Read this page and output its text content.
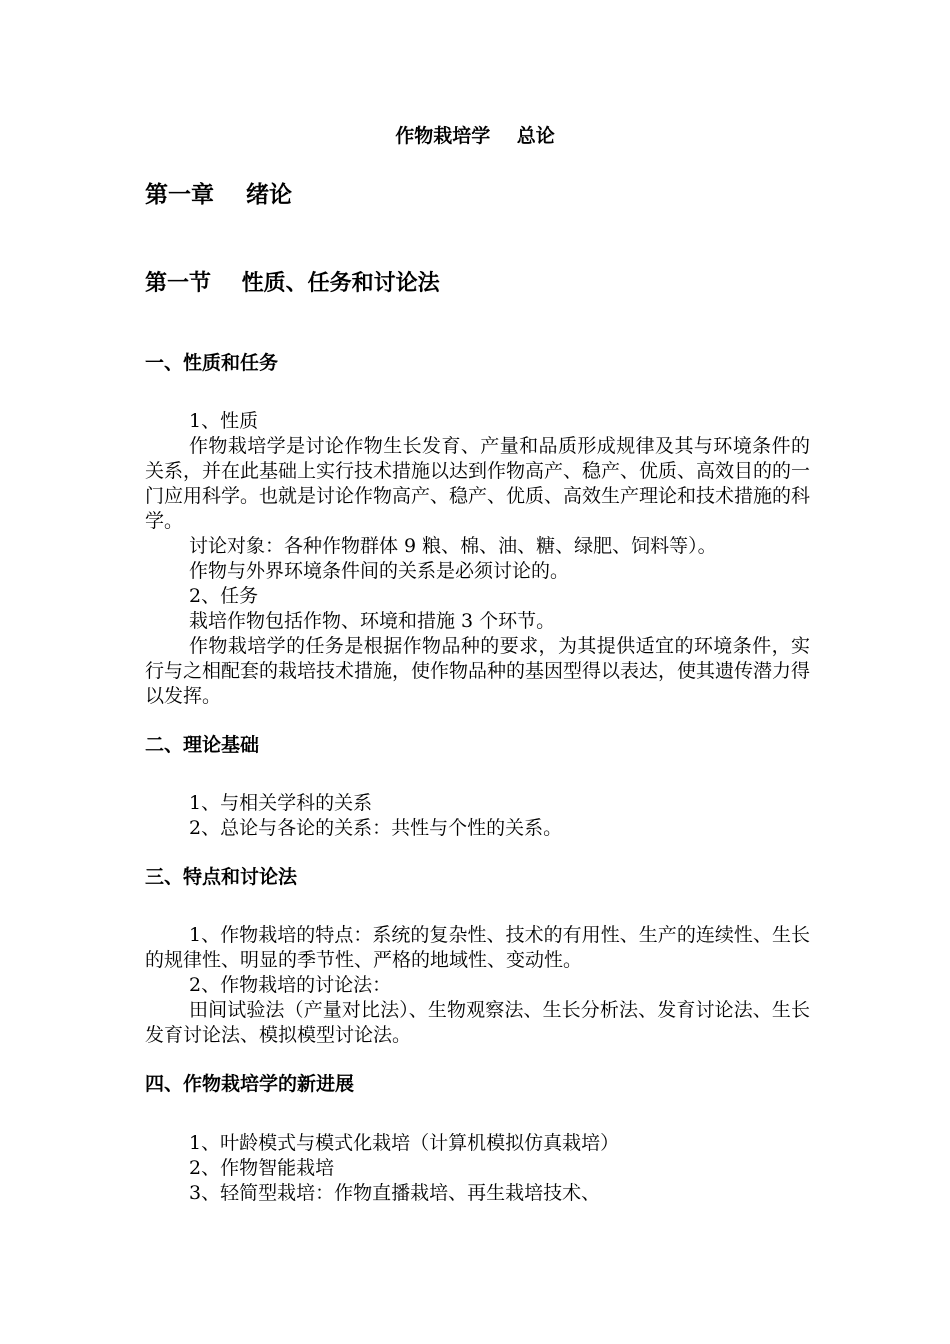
作物栽培学    总论
第一章    绪论
第一节    性质、任务和讨论法
一、性质和任务

1、性质

作物栽培学是讨论作物生长发育、产量和品质形成规律及其与环境条件的关系，并在此基础上实行技术措施以达到作物高产、稳产、优质、高效目的的一门应用科学。也就是讨论作物高产、稳产、优质、高效生产理论和技术措施的科学。

讨论对象：各种作物群体 9 粮、棉、油、糖、绿肥、饲料等）。

作物与外界环境条件间的关系是必须讨论的。

2、任务

栽培作物包括作物、环境和措施 3 个环节。

作物栽培学的任务是根据作物品种的要求，为其提供适宜的环境条件，实行与之相配套的栽培技术措施，使作物品种的基因型得以表达，使其遗传潜力得以发挥。

二、理论基础

1、与相关学科的关系

2、总论与各论的关系：共性与个性的关系。

三、特点和讨论法

1、作物栽培的特点：系统的复杂性、技术的有用性、生产的连续性、生长的规律性、明显的季节性、严格的地域性、变动性。

2、作物栽培的讨论法：

田间试验法（产量对比法）、生物观察法、生长分析法、发育讨论法、生长发育讨论法、模拟模型讨论法。

四、作物栽培学的新进展

1、叶龄模式与模式化栽培（计算机模拟仿真栽培）

2、作物智能栽培

3、轻简型栽培：作物直播栽培、再生栽培技术、
